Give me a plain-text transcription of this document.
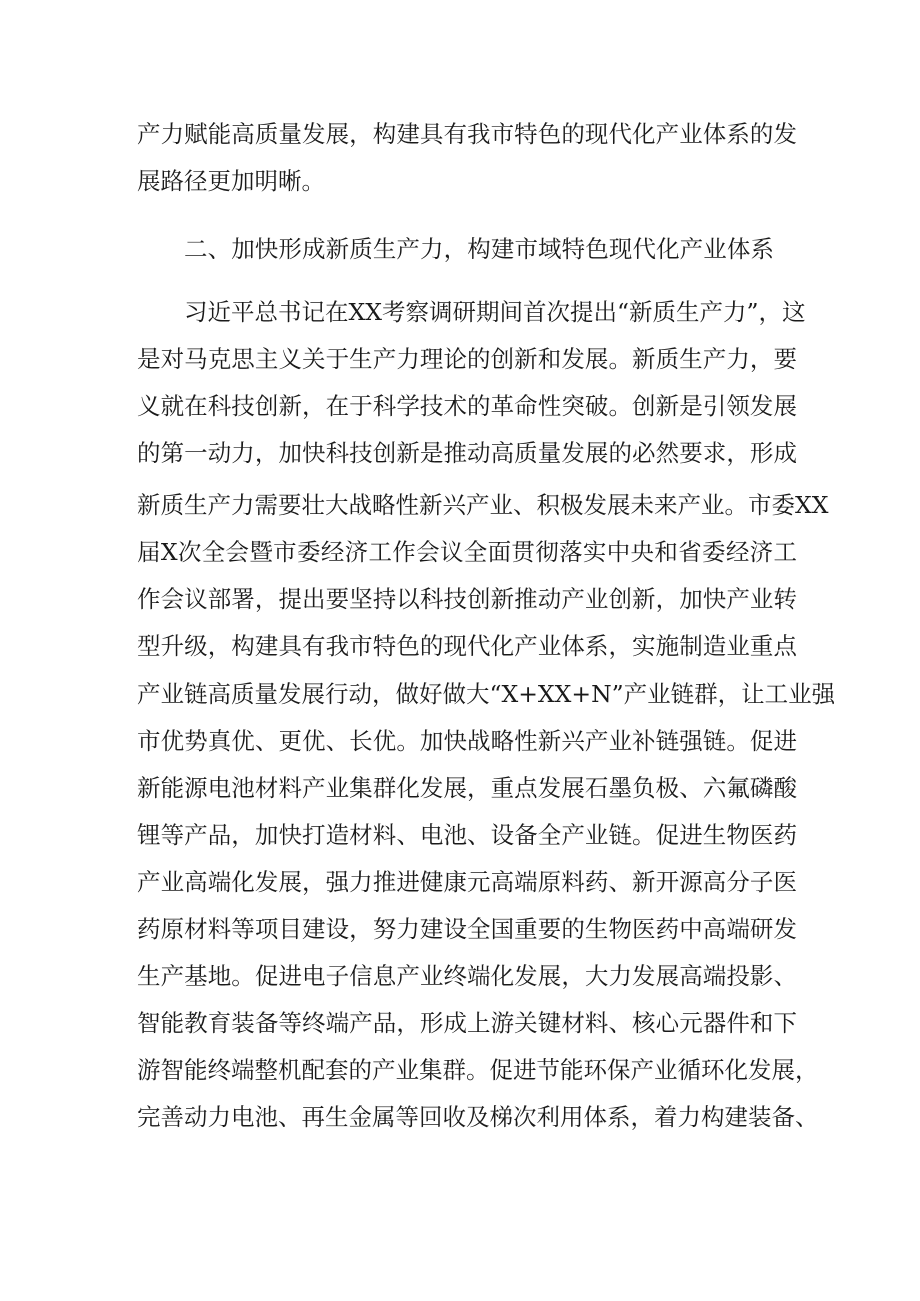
产力赋能高质量发展，构建具有我市特色的现代化产业体系的发
展路径更加明晰。
二、加快形成新质生产力，构建市域特色现代化产业体系
习近平总书记在XX考察调研期间首次提出“新质生产力”，这
是对马克思主义关于生产力理论的创新和发展。新质生产力，要
义就在科技创新，在于科学技术的革命性突破。创新是引领发展
的第一动力，加快科技创新是推动高质量发展的必然要求，形成
新质生产力需要壮大战略性新兴产业、积极发展未来产业。市委XX
届X次全会暨市委经济工作会议全面贯彻落实中央和省委经济工
作会议部署，提出要坚持以科技创新推动产业创新，加快产业转
型升级，构建具有我市特色的现代化产业体系，实施制造业重点
产业链高质量发展行动，做好做大“X+XX+N”产业链群，让工业强
市优势真优、更优、长优。加快战略性新兴产业补链强链。促进
新能源电池材料产业集群化发展，重点发展石墨负极、六氟磷酸
锂等产品，加快打造材料、电池、设备全产业链。促进生物医药
产业高端化发展，强力推进健康元高端原料药、新开源高分子医
药原材料等项目建设，努力建设全国重要的生物医药中高端研发
生产基地。促进电子信息产业终端化发展，大力发展高端投影、
智能教育装备等终端产品，形成上游关键材料、核心元器件和下
游智能终端整机配套的产业集群。促进节能环保产业循环化发展，
完善动力电池、再生金属等回收及梯次利用体系，着力构建装备、
